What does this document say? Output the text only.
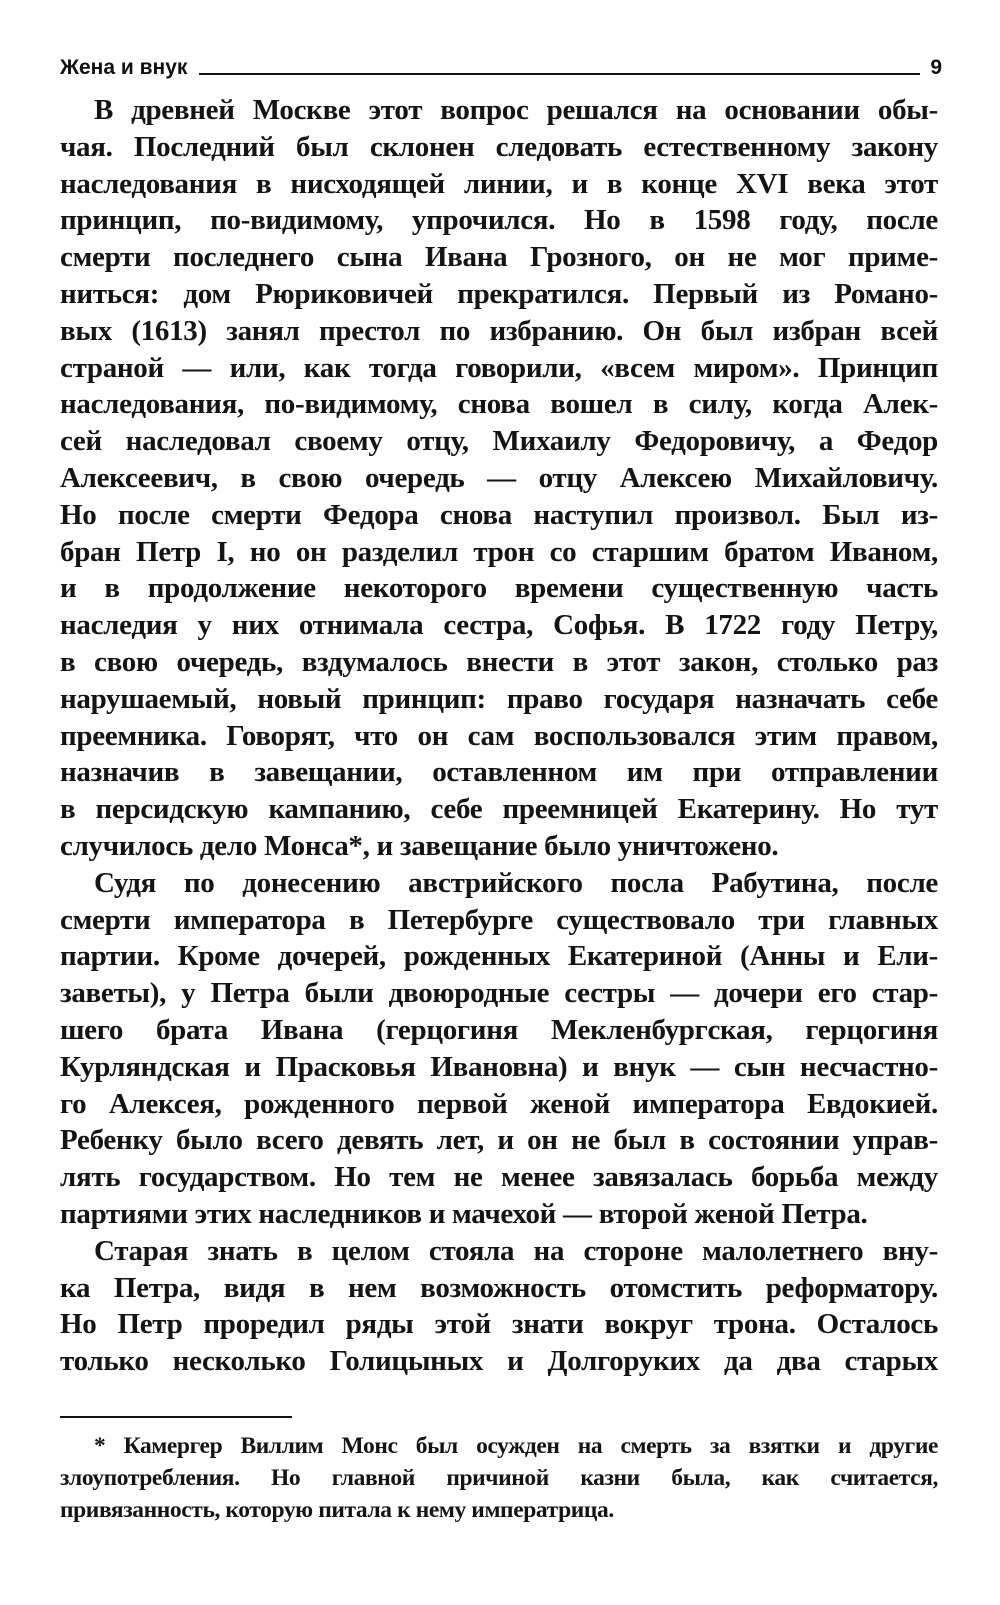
Жена и внук	9
В древней Москве этот вопрос решался на основании обы-
чая. Последний был склонен следовать естественному закону
наследования в нисходящей линии, и в конце XVI века этот
принцип, по-видимому, упрочился. Но в 1598 году, после
смерти последнего сына Ивана Грозного, он не мог приме-
ниться: дом Рюриковичей прекратился. Первый из Романо-
вых (1613) занял престол по избранию. Он был избран всей
страной — или, как тогда говорили, «всем миром». Принцип
наследования, по-видимому, снова вошел в силу, когда Алек-
сей наследовал своему отцу, Михаилу Федоровичу, а Федор
Алексеевич, в свою очередь — отцу Алексею Михайловичу.
Но после смерти Федора снова наступил произвол. Был из-
бран Петр I, но он разделил трон со старшим братом Иваном,
и в продолжение некоторого времени существенную часть
наследия у них отнимала сестра, Софья. В 1722 году Петру,
в свою очередь, вздумалось внести в этот закон, столько раз
нарушаемый, новый принцип: право государя назначать себе
преемника. Говорят, что он сам воспользовался этим правом,
назначив в завещании, оставленном им при отправлении
в персидскую кампанию, себе преемницей Екатерину. Но тут
случилось дело Монса*, и завещание было уничтожено.
Судя по донесению австрийского посла Рабутина, после
смерти императора в Петербурге существовало три главных
партии. Кроме дочерей, рожденных Екатериной (Анны и Ели-
заветы), у Петра были двоюродные сестры — дочери его стар-
шего брата Ивана (герцогиня Мекленбургская, герцогиня
Курляндская и Прасковья Ивановна) и внук — сын несчастно-
го Алексея, рожденного первой женой императора Евдокией.
Ребенку было всего девять лет, и он не был в состоянии управ-
лять государством. Но тем не менее завязалась борьба между
партиями этих наследников и мачехой — второй женой Петра.
Старая знать в целом стояла на стороне малолетнего вну-
ка Петра, видя в нем возможность отомстить реформатору.
Но Петр проредил ряды этой знати вокруг трона. Осталось
только несколько Голицыных и Долгоруких да два старых
* Камергер Виллим Монс был осужден на смерть за взятки и другие
злоупотребления. Но главной причиной казни была, как считается,
привязанность, которую питала к нему императрица.
